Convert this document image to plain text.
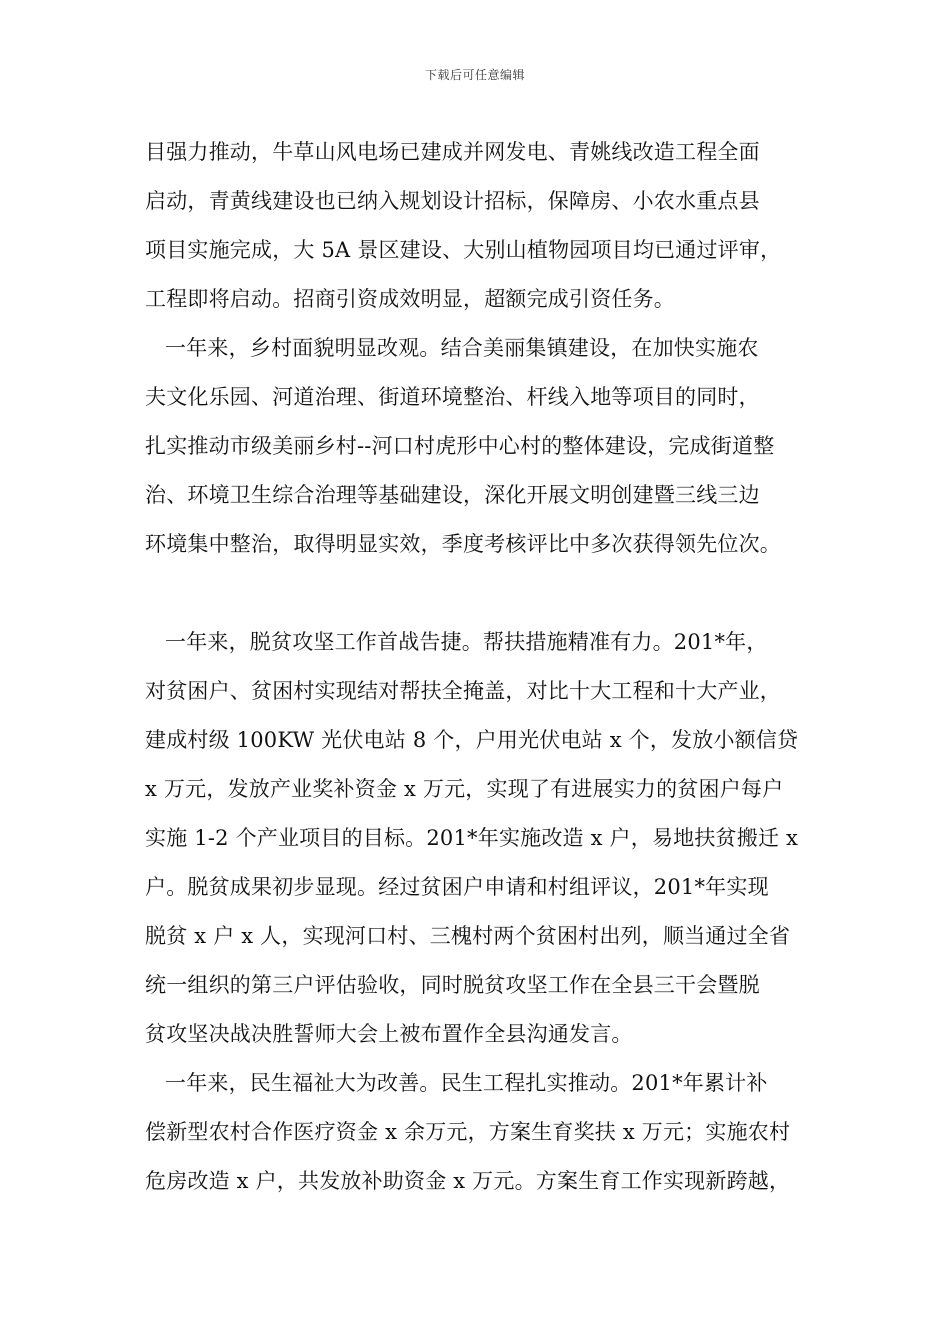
下载后可任意编辑
目强力推动，牛草山风电场已建成并网发电、青姚线改造工程全面
启动，青黄线建设也已纳入规划设计招标，保障房、小农水重点县
项目实施完成，大 5A 景区建设、大别山植物园项目均已通过评审，
工程即将启动。招商引资成效明显，超额完成引资任务。
一年来，乡村面貌明显改观。结合美丽集镇建设，在加快实施农
夫文化乐园、河道治理、街道环境整治、杆线入地等项目的同时，
扎实推动市级美丽乡村--河口村虎形中心村的整体建设，完成街道整
治、环境卫生综合治理等基础建设，深化开展文明创建暨三线三边
环境集中整治，取得明显实效，季度考核评比中多次获得领先位次。
一年来，脱贫攻坚工作首战告捷。帮扶措施精准有力。201*年，
对贫困户、贫困村实现结对帮扶全掩盖，对比十大工程和十大产业，
建成村级 100KW 光伏电站 8 个，户用光伏电站 x 个，发放小额信贷
x 万元，发放产业奖补资金 x 万元，实现了有进展实力的贫困户每户
实施 1-2 个产业项目的目标。201*年实施改造 x 户，易地扶贫搬迁 x
户。脱贫成果初步显现。经过贫困户申请和村组评议，201*年实现
脱贫 x 户 x 人，实现河口村、三槐村两个贫困村出列，顺当通过全省
统一组织的第三户评估验收，同时脱贫攻坚工作在全县三干会暨脱
贫攻坚决战决胜誓师大会上被布置作全县沟通发言。
一年来，民生福祉大为改善。民生工程扎实推动。201*年累计补
偿新型农村合作医疗资金 x 余万元，方案生育奖扶 x 万元；实施农村
危房改造 x 户，共发放补助资金 x 万元。方案生育工作实现新跨越，
